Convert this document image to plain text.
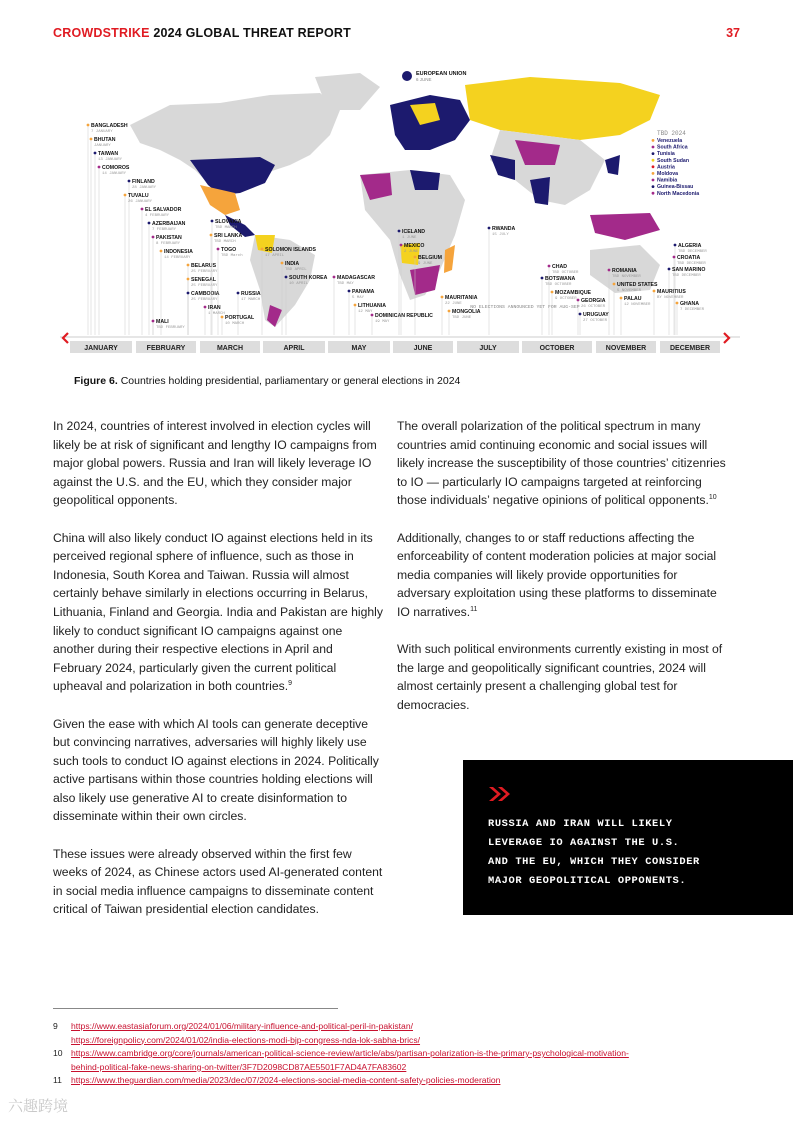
CROWDSTRIKE 2024 GLOBAL THREAT REPORT	37
EUROPEAN UNION
6 JUNE
TBD 2024
Venezuela
South Africa
Tunisia
South Sudan
Austria
Moldova
Namibia
Guinea-Bissau
North Macedonia
BANGLADESH
7 JANUARY
BHUTAN
JANUARY
TAIWAN
13 JANUARY
COMOROS
14 JANUARY
FINLAND
28 JANUARY
TUVALU
26 JANUARY
EL SALVADOR
4 FEBRUARY
AZERBAIJAN
7 FEBRUARY
PAKISTAN
8 FEBRUARY
INDONESIA
14 FEBRUARY
BELARUS
25 FEBRUARY
SENEGAL
25 FEBRUARY
CAMBODIA
25 FEBRUARY
MALI
TBD FEBRUARY
SLOVAKIA
TBD MARCH
SRI LANKA
TBD MARCH
TOGO
TBD March
RUSSIA
17 MARCH
IRAN
1 MARCH
PORTUGAL
10 MARCH
SOLOMON ISLANDS
17 APRIL
INDIA
TBD APRIL
SOUTH KOREA
10 APRIL
MADAGASCAR
TBD MAY
PANAMA
5 MAY
LITHUANIA
12 MAY
DOMINICAN REPUBLIC
19 MAY
ICELAND
1 JUNE
MEXICO
2 JUNE
BELGIUM
9 JUNE
MAURITANIA
22 JUNE
MONGOLIA
TBD JUNE
RWANDA
15 JULY
CHAD
TBD OCTOBER
BOTSWANA
TBD OCTOBER
MOZAMBIQUE
9 OCTOBER GEORGIA
26 OCTOBER
URUGUAY
27 OCTOBER
ROMANIA
TBD NOVEMBER
UNITED STATES
5 NOVEMBER
PALAU
12 NOVEMBER
MAURITIUS
BY NOVEMBER
ALGERIA
TBD DECEMBER
CROATIA
TBD DECEMBER
SAN MARINO
TBD DECEMBER
GHANA
7 DECEMBER
NO ELECTIONS ANNOUNCED YET FOR AUG-SEP
JANUARY	FEBRUARY	MARCH	APRIL	MAY	JUNE	JULY	OCTOBER	NOVEMBER	DECEMBER
Figure 6. Countries holding presidential, parliamentary or general elections in 2024

In 2024, countries of interest involved in election cycles will likely be at risk of significant and lengthy IO campaigns from major global powers. Russia and Iran will likely leverage IO against the U.S. and the EU, which they consider major geopolitical opponents.

China will also likely conduct IO against elections held in its perceived regional sphere of influence, such as those in Indonesia, South Korea and Taiwan. Russia will almost certainly behave similarly in elections occurring in Belarus, Lithuania, Finland and Georgia. India and Pakistan are highly likely to conduct significant IO campaigns against one another during their respective elections in April and February 2024, particularly given the current political upheaval and polarization in both countries.$^9$

Given the ease with which AI tools can generate deceptive but convincing narratives, adversaries will highly likely use such tools to conduct IO against elections in 2024. Politically active partisans within those countries holding elections will also likely use generative AI to create disinformation to disseminate within their own circles.

These issues were already observed within the first few weeks of 2024, as Chinese actors used AI-generated content in social media influence campaigns to disseminate content critical of Taiwan presidential election candidates.

The overall polarization of the political spectrum in many countries amid continuing economic and social issues will likely increase the susceptibility of those countries’ citizenries to IO — particularly IO campaigns targeted at reinforcing those individuals’ negative opinions of political opponents.$^{10}$

Additionally, changes to or staff reductions affecting the enforceability of content moderation policies at major social media companies will likely provide opportunities for adversary exploitation using these platforms to disseminate IO narratives.$^{11}$

With such political environments currently existing in most of the large and geopolitically significant countries, 2024 will almost certainly present a challenging global test for democracies.

RUSSIA AND IRAN WILL LIKELY
LEVERAGE IO AGAINST THE U.S.
AND THE EU, WHICH THEY CONSIDER
MAJOR GEOPOLITICAL OPPONENTS.
9 https://www.eastasiaforum.org/2024/01/06/military-influence-and-political-peril-in-pakistan/
https://foreignpolicy.com/2024/01/02/india-elections-modi-bjp-congress-nda-lok-sabha-brics/
10 https://www.cambridge.org/core/journals/american-political-science-review/article/abs/partisan-polarization-is-the-primary-psychological-motivation-
behind-political-fake-news-sharing-on-twitter/3F7D2098CD87AE5501F7AD4A7FA83602
11 https://www.theguardian.com/media/2023/dec/07/2024-elections-social-media-content-safety-policies-moderation
六趣跨境
